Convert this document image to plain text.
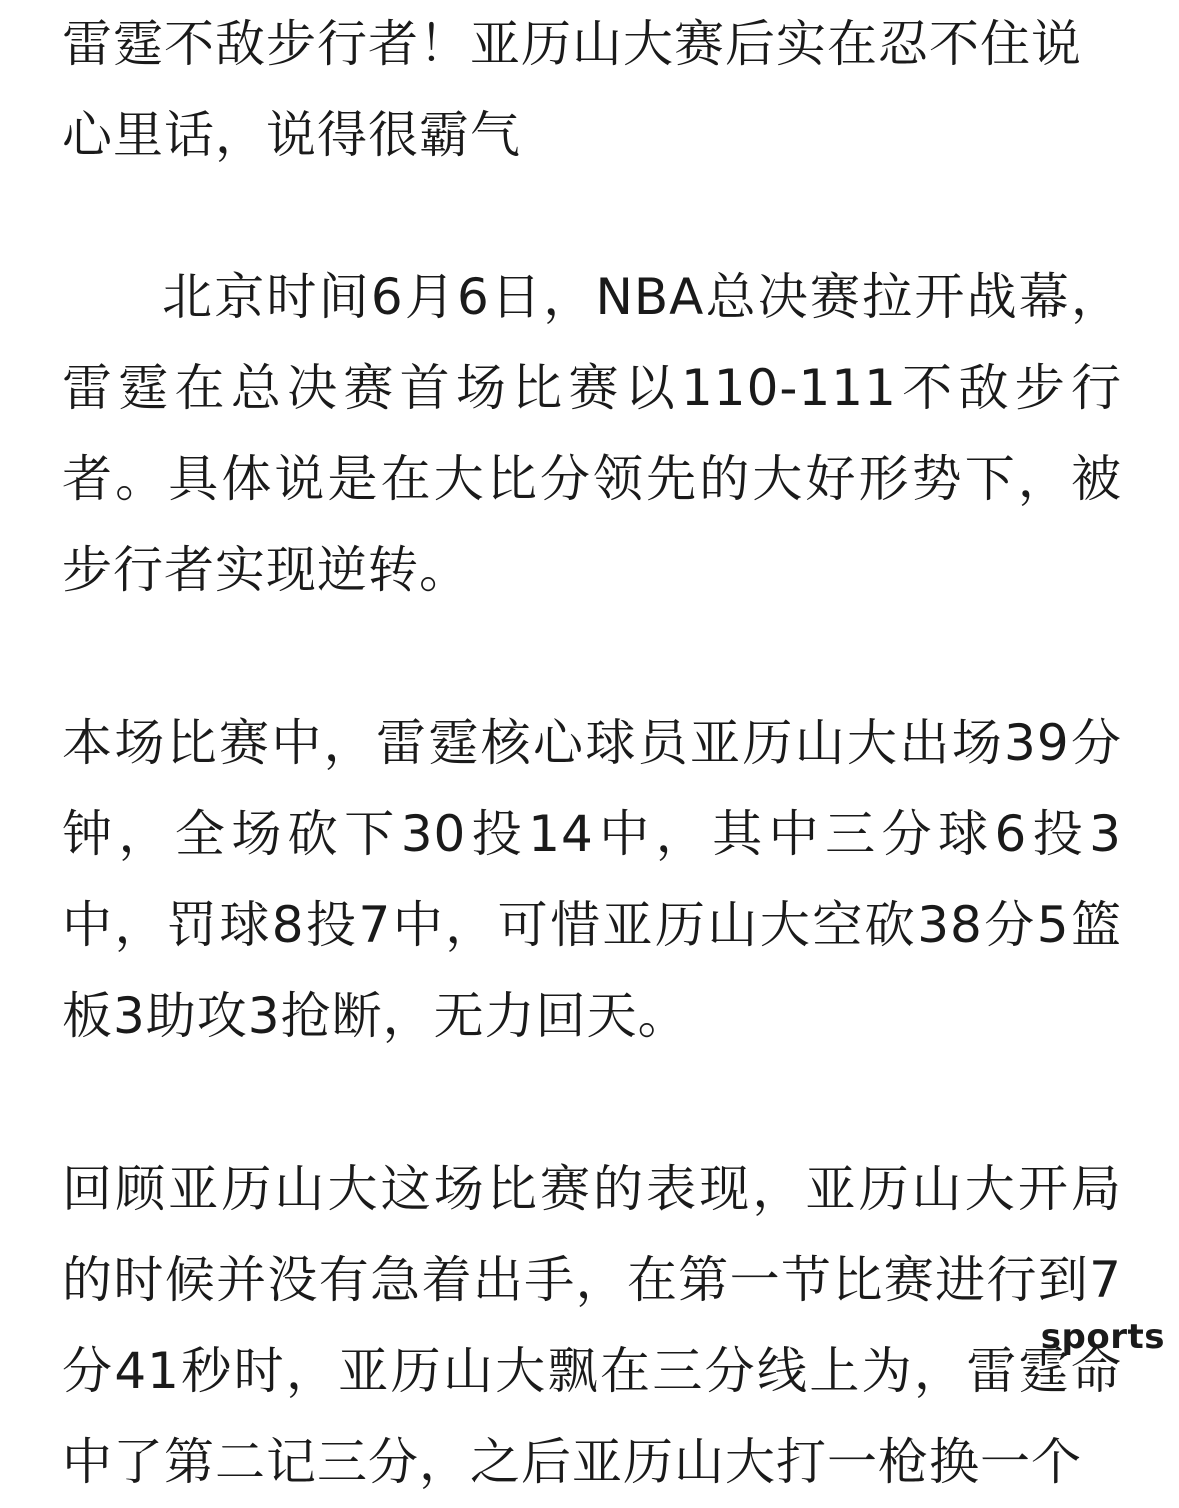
雷霆不敌步行者！亚历山大赛后实在忍不住说心里话，说得很霸气

北京时间6月6日，NBA总决赛拉开战幕，雷霆在总决赛首场比赛以110-111不敌步行者。具体说是在大比分领先的大好形势下，被步行者实现逆转。

本场比赛中，雷霆核心球员亚历山大出场39分钟，全场砍下30投14中，其中三分球6投3中，罚球8投7中，可惜亚历山大空砍38分5篮板3助攻3抢断，无力回天。

回顾亚历山大这场比赛的表现，亚历山大开局的时候并没有急着出手，在第一节比赛进行到7分41秒时，亚历山大飘在三分线上为，雷霆命中了第二记三分，之后亚历山大打一枪换一个

sports
